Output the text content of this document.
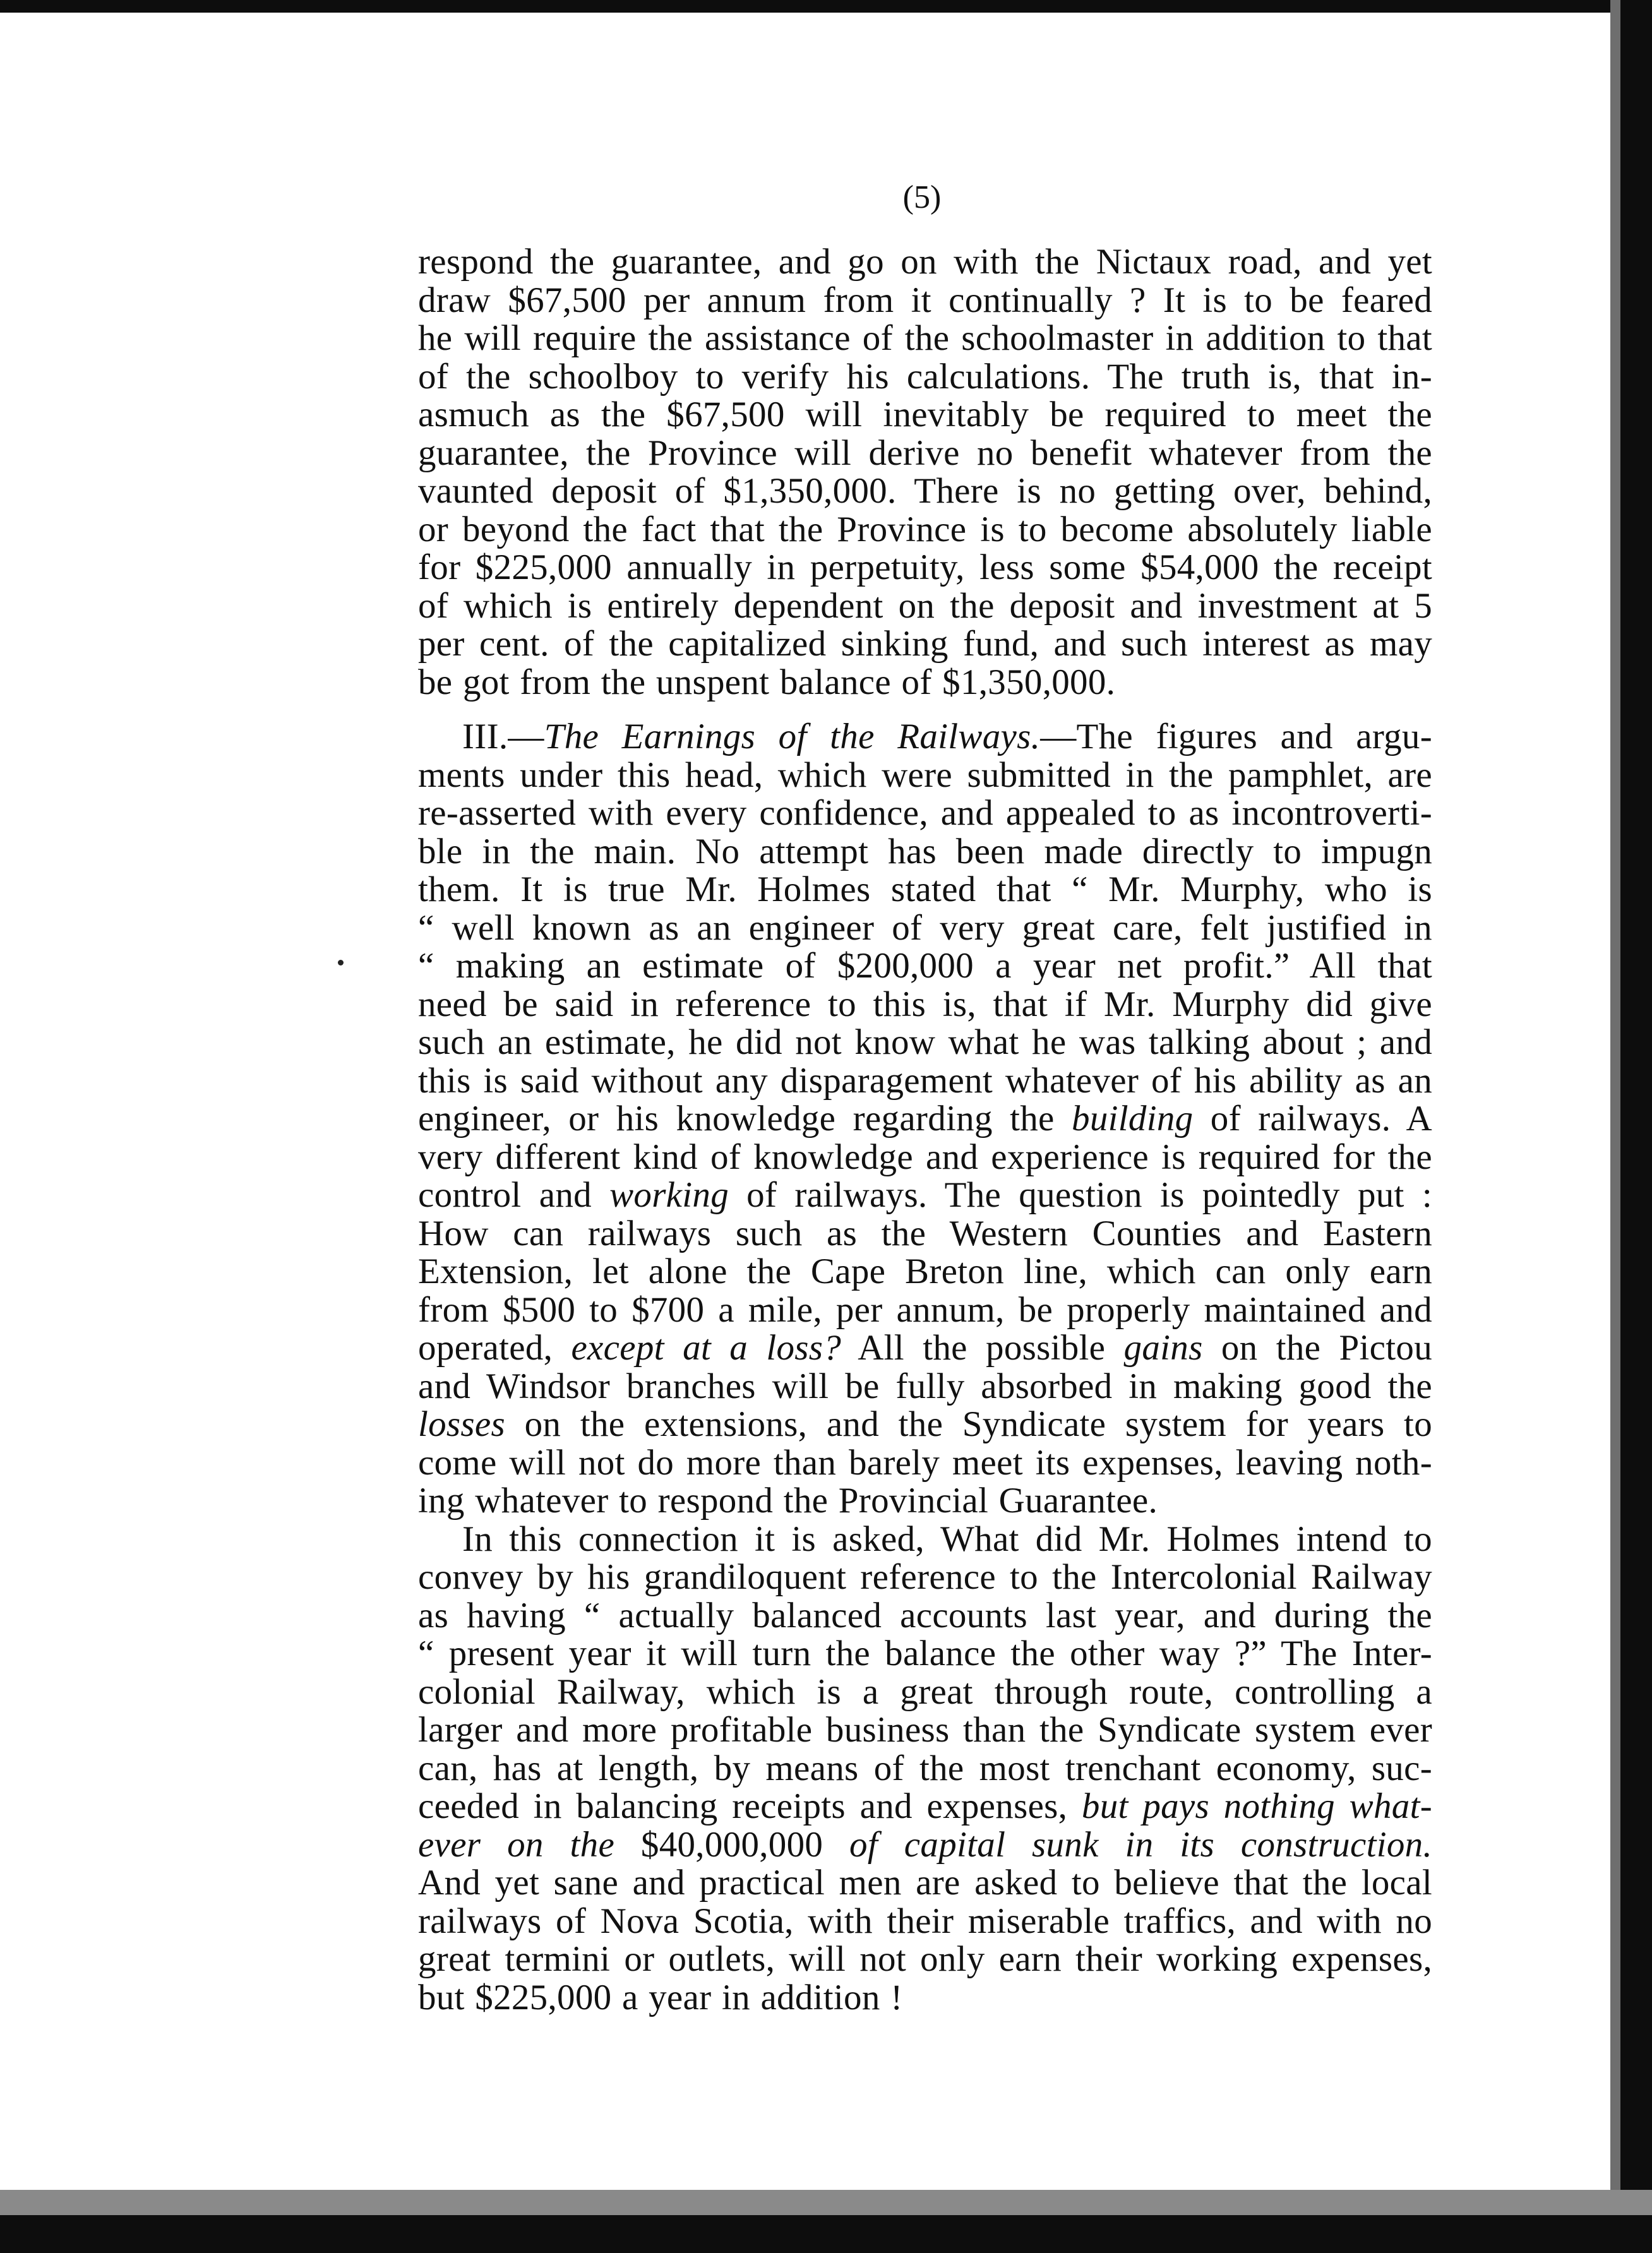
(5)

respond the guarantee, and go on with the Nictaux road, and yet
draw $67,500 per annum from it continually ? It is to be feared
he will require the assistance of the schoolmaster in addition to that
of the schoolboy to verify his calculations. The truth is, that in-
asmuch as the $67,500 will inevitably be required to meet the
guarantee, the Province will derive no benefit whatever from the
vaunted deposit of $1,350,000. There is no getting over, behind,
or beyond the fact that the Province is to become absolutely liable
for $225,000 annually in perpetuity, less some $54,000 the receipt
of which is entirely dependent on the deposit and investment at 5
per cent. of the capitalized sinking fund, and such interest as may
be got from the unspent balance of $1,350,000.

III.—The Earnings of the Railways.—The figures and argu-
ments under this head, which were submitted in the pamphlet, are
re-asserted with every confidence, and appealed to as incontroverti-
ble in the main. No attempt has been made directly to impugn
them. It is true Mr. Holmes stated that “ Mr. Murphy, who is
“ well known as an engineer of very great care, felt justified in
“ making an estimate of $200,000 a year net profit.” All that
need be said in reference to this is, that if Mr. Murphy did give
such an estimate, he did not know what he was talking about ; and
this is said without any disparagement whatever of his ability as an
engineer, or his knowledge regarding the building of railways. A
very different kind of knowledge and experience is required for the
control and working of railways. The question is pointedly put :
How can railways such as the Western Counties and Eastern
Extension, let alone the Cape Breton line, which can only earn
from $500 to $700 a mile, per annum, be properly maintained and
operated, except at a loss? All the possible gains on the Pictou
and Windsor branches will be fully absorbed in making good the
losses on the extensions, and the Syndicate system for years to
come will not do more than barely meet its expenses, leaving noth-
ing whatever to respond the Provincial Guarantee.

In this connection it is asked, What did Mr. Holmes intend to
convey by his grandiloquent reference to the Intercolonial Railway
as having “ actually balanced accounts last year, and during the
“ present year it will turn the balance the other way ?” The Inter-
colonial Railway, which is a great through route, controlling a
larger and more profitable business than the Syndicate system ever
can, has at length, by means of the most trenchant economy, suc-
ceeded in balancing receipts and expenses, but pays nothing what-
ever on the $40,000,000 of capital sunk in its construction.
And yet sane and practical men are asked to believe that the local
railways of Nova Scotia, with their miserable traffics, and with no
great termini or outlets, will not only earn their working expenses,
but $225,000 a year in addition !
